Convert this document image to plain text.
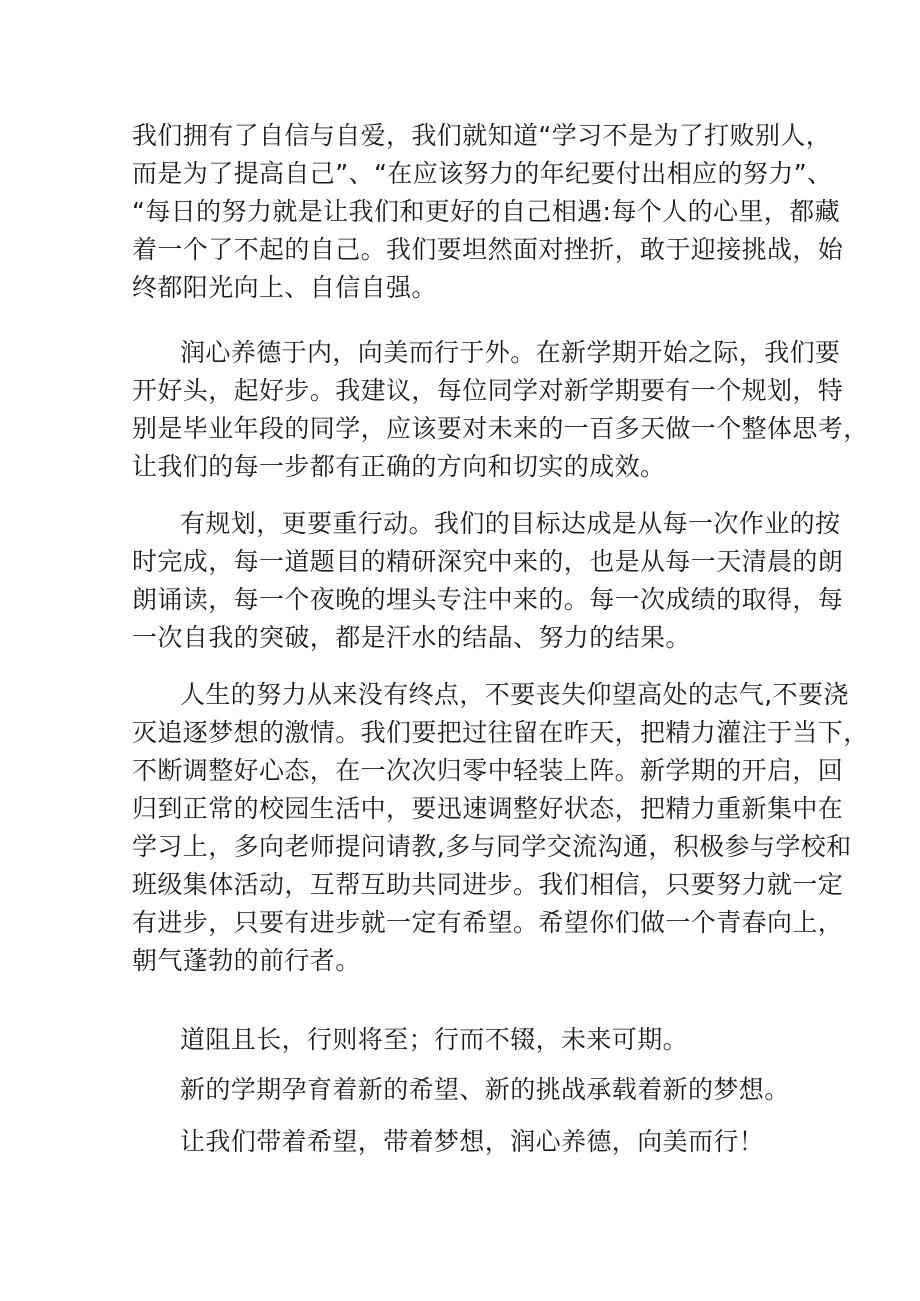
我们拥有了自信与自爱，我们就知道“学习不是为了打败别人，
而是为了提高自己”、“在应该努力的年纪要付出相应的努力”、
“每日的努力就是让我们和更好的自己相遇:每个人的心里，都藏
着一个了不起的自己。我们要坦然面对挫折，敢于迎接挑战，始
终都阳光向上、自信自强。
润心养德于内，向美而行于外。在新学期开始之际，我们要
开好头，起好步。我建议，每位同学对新学期要有一个规划，特
别是毕业年段的同学，应该要对未来的一百多天做一个整体思考，
让我们的每一步都有正确的方向和切实的成效。
有规划，更要重行动。我们的目标达成是从每一次作业的按
时完成，每一道题目的精研深究中来的，也是从每一天清晨的朗
朗诵读，每一个夜晚的埋头专注中来的。每一次成绩的取得，每
一次自我的突破，都是汗水的结晶、努力的结果。
人生的努力从来没有终点，不要丧失仰望高处的志气,不要浇
灭追逐梦想的激情。我们要把过往留在昨天，把精力灌注于当下，
不断调整好心态，在一次次归零中轻装上阵。新学期的开启，回
归到正常的校园生活中，要迅速调整好状态，把精力重新集中在
学习上，多向老师提问请教,多与同学交流沟通，积极参与学校和
班级集体活动，互帮互助共同进步。我们相信，只要努力就一定
有进步，只要有进步就一定有希望。希望你们做一个青春向上，
朝气蓬勃的前行者。
道阻且长，行则将至；行而不辍，未来可期。
新的学期孕育着新的希望、新的挑战承载着新的梦想。
让我们带着希望，带着梦想，润心养德，向美而行！
